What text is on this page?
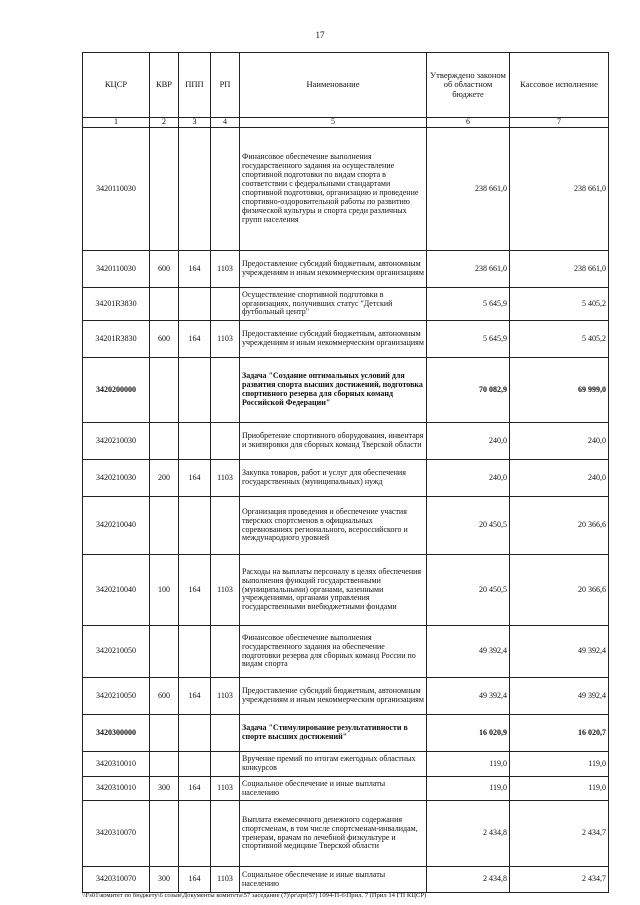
17
КЦСР	КВР	ППП	РП	Наименование	Утверждено законом об областном бюджете	Кассовое исполнение
1	2	3	4	5	6	7
3420110030				Финансовое обеспечение выполнения государственного задания на осуществление спортивной подготовки по видам спорта в соответствии с федеральными стандартами спортивной подготовки, организацию и проведение спортивно-оздоровительной работы по развитию физической культуры и спорта среди различных групп населения	238 661,0	238 661,0
3420110030	600	164	1103	Предоставление субсидий бюджетным, автономным учреждениям и иным некоммерческим организациям	238 661,0	238 661,0
34201R3830				Осуществление спортивной подготовки в организациях, получивших статус "Детский футбольный центр"	5 645,9	5 405,2
34201R3830	600	164	1103	Предоставление субсидий бюджетным, автономным учреждениям и иным некоммерческим организациям	5 645,9	5 405,2
3420200000				Задача "Создание оптимальных условий для развития спорта высших достижений, подготовка спортивного резерва для сборных команд Российской Федерации"	70 082,9	69 999,0
3420210030				Приобретение спортивного оборудования, инвентаря и экипировки для сборных команд Тверской области	240,0	240,0
3420210030	200	164	1103	Закупка товаров, работ и услуг для обеспечения государственных (муниципальных) нужд	240,0	240,0
3420210040				Организация проведения и обеспечение участия тверских спортсменов в официальных соревнованиях регионального, всероссийского и международного уровней	20 450,5	20 366,6
3420210040	100	164	1103	Расходы на выплаты персоналу в целях обеспечения выполнения функций государственными (муниципальными) органами, казенными учреждениями, органами управления государственными внебюджетными фондами	20 450,5	20 366,6
3420210050				Финансовое обеспечение выполнения государственного задания на обеспечение подготовки резерва для сборных команд России по видам спорта	49 392,4	49 392,4
3420210050	600	164	1103	Предоставление субсидий бюджетным, автономным учреждениям и иным некоммерческим организациям	49 392,4	49 392,4
3420300000				Задача "Стимулирование результативности в спорте высших достижений"	16 020,9	16 020,7
3420310010				Вручение премий по итогам ежегодных областных конкурсов	119,0	119,0
3420310010	300	164	1103	Социальное обеспечение и иные выплаты населению	119,0	119,0
3420310070				Выплата ежемесячного денежного содержания спортсменам, в том числе спортсменам-инвалидам, тренерам, врачам по лечебной физкультуре и спортивной медицине Тверской области	2 434,8	2 434,7
3420310070	300	164	1103	Социальное обеспечение и иные выплаты населению	2 434,8	2 434,7
\\Fs01\комитет по бюджету\6 созыв\Документы комитета\57 заседание (7)\pr\zpr(57) 1094-П-6\Прил. 7 (Прил 14 ГП КЦСР)
